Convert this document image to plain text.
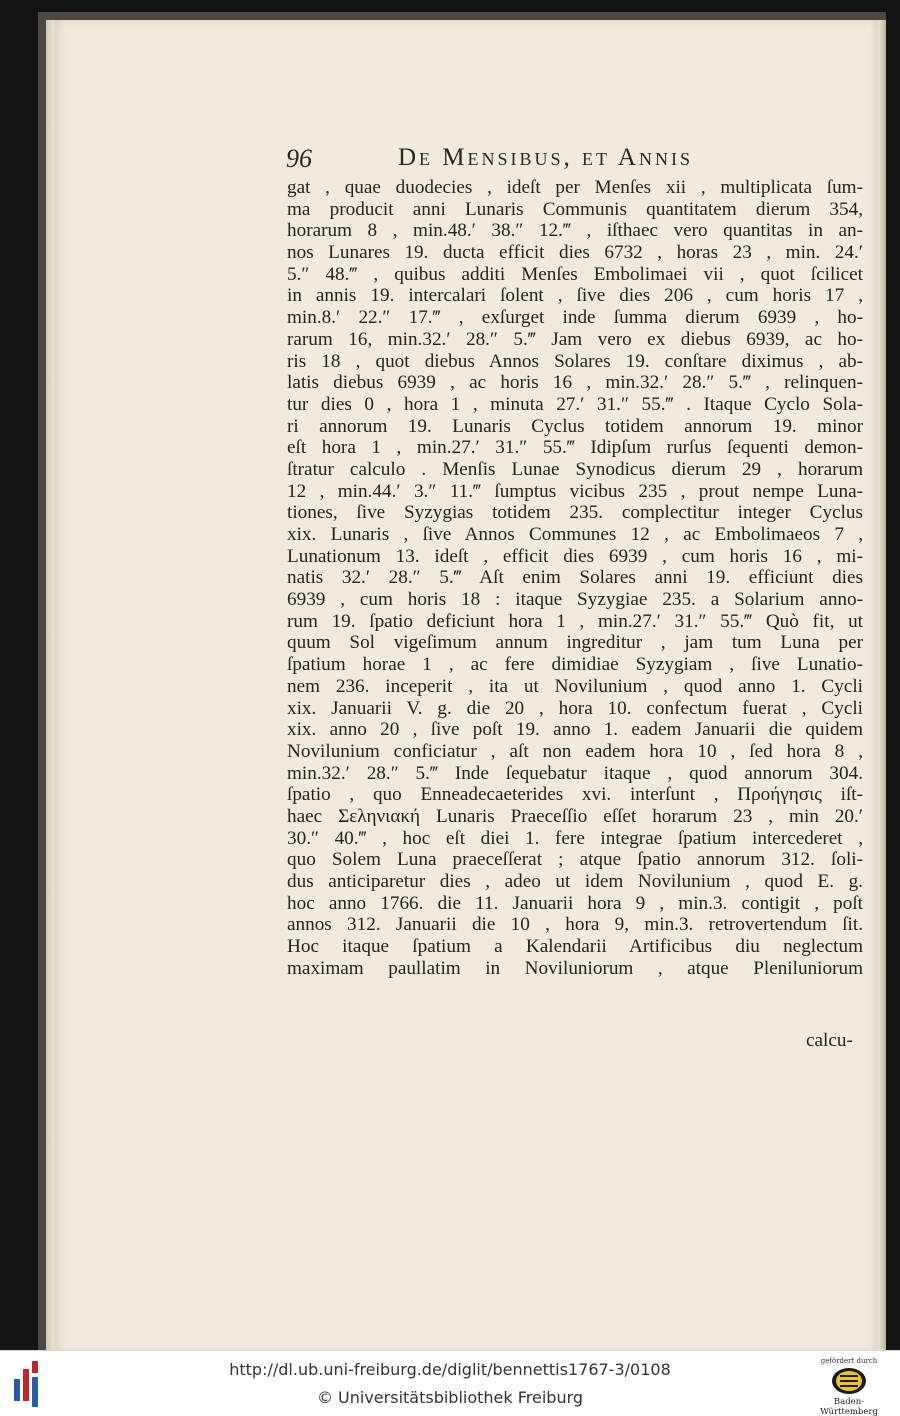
96	De Mensibus, et Annis
gat , quae duodecies , ideſt per Menſes xii , multiplicata ſum-
ma producit anni Lunaris Communis quantitatem dierum 354,
horarum 8 , min.48.′ 38.″ 12.‴ , iſthaec vero quantitas in an-
nos Lunares 19. ducta efficit dies 6732 , horas 23 , min. 24.′
5.″ 48.‴ , quibus additi Menſes Embolimaei vii , quot ſcilicet
in annis 19. intercalari ſolent , ſive dies 206 , cum horis 17 ,
min.8.′ 22.″ 17.‴ , exſurget inde ſumma dierum 6939 , ho-
rarum 16, min.32.′ 28.″ 5.‴ Jam vero ex diebus 6939, ac ho-
ris 18 , quot diebus Annos Solares 19. conſtare diximus , ab-
latis diebus 6939 , ac horis 16 , min.32.′ 28.″ 5.‴ , relinquen-
tur dies 0 , hora 1 , minuta 27.′ 31.″ 55.‴ . Itaque Cyclo Sola-
ri annorum 19. Lunaris Cyclus totidem annorum 19. minor
eſt hora 1 , min.27.′ 31.″ 55.‴ Idipſum rurſus ſequenti demon-
ſtratur calculo . Menſis Lunae Synodicus dierum 29 , horarum
12 , min.44.′ 3.″ 11.‴ ſumptus vicibus 235 , prout nempe Luna-
tiones, ſive Syzygias totidem 235. complectitur integer Cyclus
xix. Lunaris , ſive Annos Communes 12 , ac Embolimaeos 7 ,
Lunationum 13. ideſt , efficit dies 6939 , cum horis 16 , mi-
natis 32.′ 28.″ 5.‴ Aſt enim Solares anni 19. efficiunt dies
6939 , cum horis 18 : itaque Syzygiae 235. a Solarium anno-
rum 19. ſpatio deficiunt hora 1 , min.27.′ 31.″ 55.‴ Quò fit, ut
quum Sol vigeſimum annum ingreditur , jam tum Luna per
ſpatium horae 1 , ac fere dimidiae Syzygiam , ſive Lunatio-
nem 236. inceperit , ita ut Novilunium , quod anno 1. Cycli
xix. Januarii V. g. die 20 , hora 10. confectum fuerat , Cycli
xix. anno 20 , ſive poſt 19. anno 1. eadem Januarii die quidem
Novilunium conficiatur , aſt non eadem hora 10 , ſed hora 8 ,
min.32.′ 28.″ 5.‴ Inde ſequebatur itaque , quod annorum 304.
ſpatio , quo Enneadecaeterides xvi. interſunt , Προήγησις iſt-
haec Σεληνιακή Lunaris Praeceſſio eſſet horarum 23 , min 20.′
30.″ 40.‴ , hoc eſt diei 1. fere integrae ſpatium intercederet ,
quo Solem Luna praeceſſerat ; atque ſpatio annorum 312. ſoli-
dus anticiparetur dies , adeo ut idem Novilunium , quod E. g.
hoc anno 1766. die 11. Januarii hora 9 , min.3. contigit , poſt
annos 312. Januarii die 10 , hora 9, min.3. retrovertendum ſit.
Hoc itaque ſpatium a Kalendarii Artificibus diu neglectum
maximam paullatim in Noviluniorum , atque Pleniluniorum
calcu-
http://dl.ub.uni-freiburg.de/diglit/bennettis1767-3/0108
© Universitätsbibliothek Freiburg
gefördert durch
Baden-Württemberg
